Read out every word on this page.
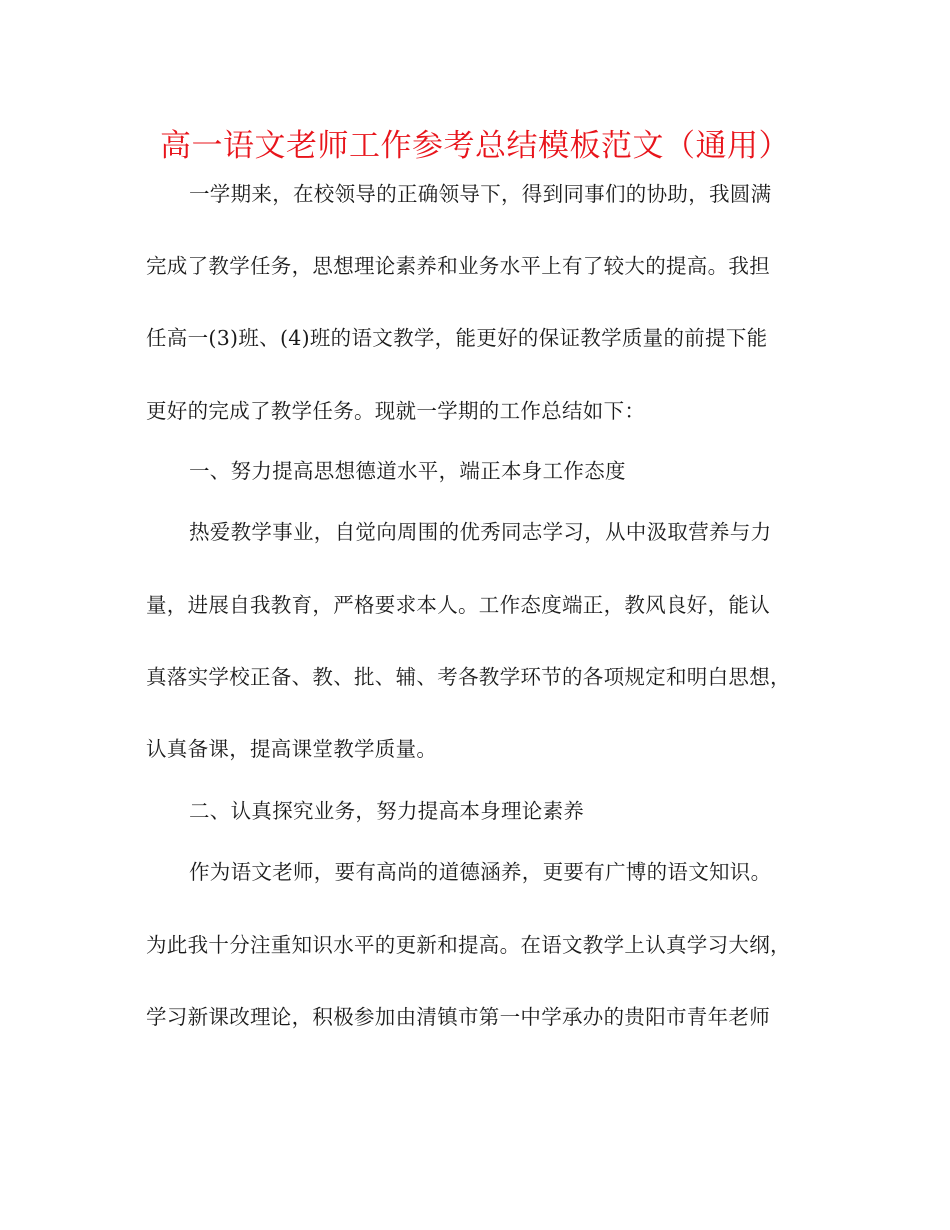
高一语文老师工作参考总结模板范文（通用）
一学期来，在校领导的正确领导下，得到同事们的协助，我圆满
完成了教学任务，思想理论素养和业务水平上有了较大的提高。我担
任高一(3)班、(4)班的语文教学，能更好的保证教学质量的前提下能
更好的完成了教学任务。现就一学期的工作总结如下：
一、努力提高思想德道水平，端正本身工作态度
热爱教学事业，自觉向周围的优秀同志学习，从中汲取营养与力
量，进展自我教育，严格要求本人。工作态度端正，教风良好，能认
真落实学校正备、教、批、辅、考各教学环节的各项规定和明白思想，
认真备课，提高课堂教学质量。
二、认真探究业务，努力提高本身理论素养
作为语文老师，要有高尚的道德涵养，更要有广博的语文知识。
为此我十分注重知识水平的更新和提高。在语文教学上认真学习大纲，
学习新课改理论，积极参加由清镇市第一中学承办的贵阳市青年老师
